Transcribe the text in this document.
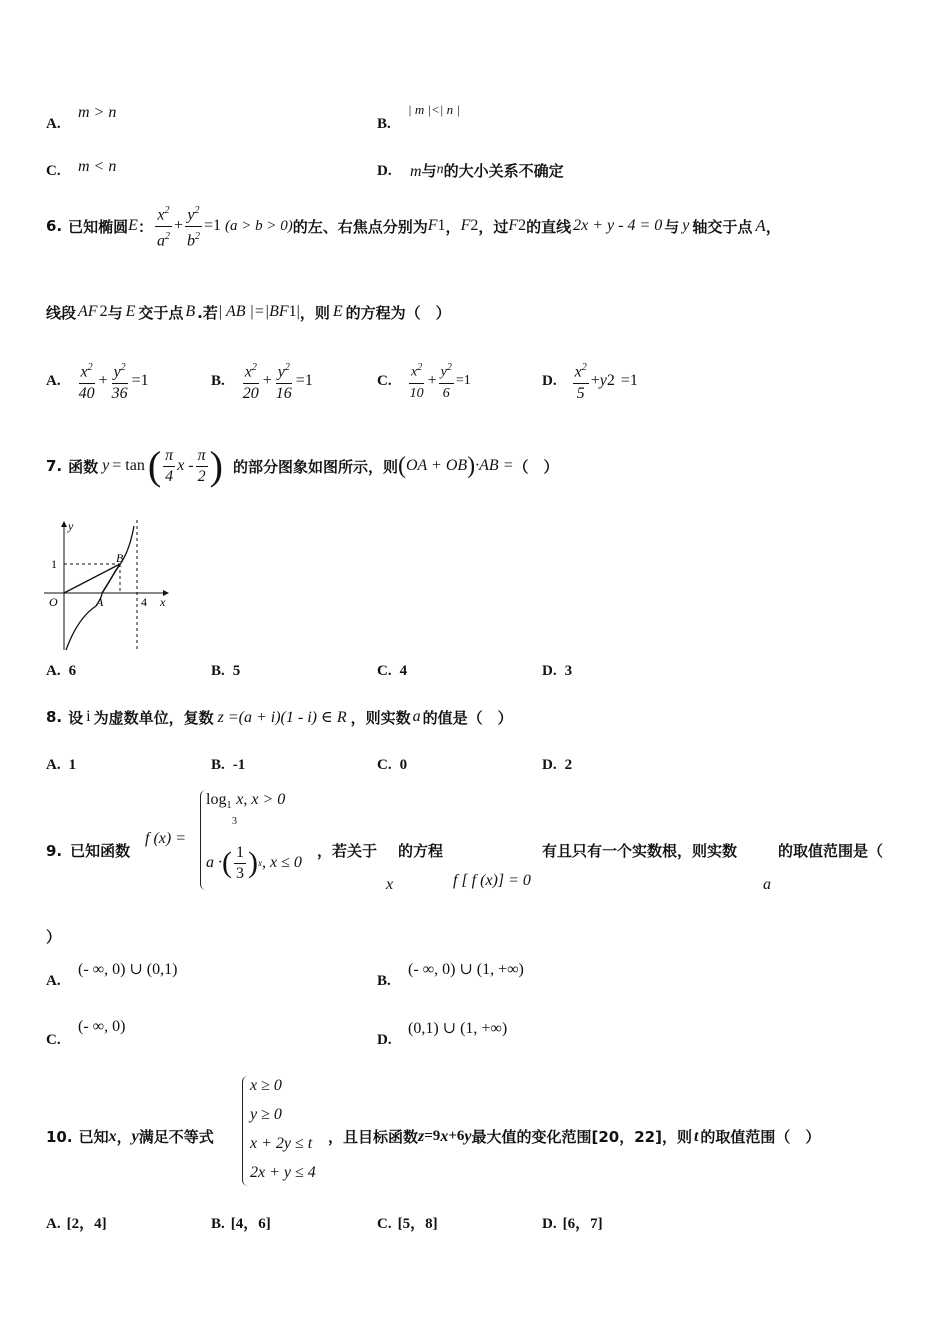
A.
m > n
B.
| m |<| n |
C. m < n	D. m与n的大小关系不确定
6. 已知椭圆 E ： $\frac{x^2}{a^2} + \frac{y^2}{b^2} =1$ (a > b > 0) 的左、右焦点分别为 F 1 ， F 2 ，过 F 2 的直线 2x + y - 4 = 0 与 y 轴交于点 A ，
线段 AF 2 与 E 交于点 B .若 | AB |=|BF 1 | ，则 E 的方程为（　）
A. $\frac{x^2}{40} + \frac{y^2}{36} =1$	B. $\frac{x^2}{20} + \frac{y^2}{16} =1$	C. $\frac{x^2}{10} + \frac{y^2}{6} =1$	D. $\frac{x^2}{5} + y$ 2 =1
7. 函数 y = tan ( $\frac{\pi}{4}$ x - $\frac{\pi}{2}$ ) 的部分图象如图所示，则 ( OA + OB ) ·AB = （　）
y
x
O	A
B
1
4
A. 6	B. 5	C. 4	D. 3
8. 设 i 为虚数单位，复数 z =(a + i)(1 - i) ∈ R ，则实数 a 的值是（　）
A. 1	B. -1	C. 0	D. 2
9. 已知函数
f (x) =
$\log_1 x$, x > 0
3
a · ( $\frac{1}{3}$ ) x , x ≤ 0
，若关于 的方程	有且只有一个实数根，则实数	的取值范围是（
x	f [ f (x)] = 0	a
）
A.
(- ∞, 0) ∪ (0,1)
B.
(- ∞, 0) ∪ (1, +∞)
C.
(- ∞, 0)
D.
(0,1) ∪ (1, +∞)
10. 已知 x ， y 满足不等式
x ≥ 0
y ≥ 0
x + 2y ≤ t
2x + y ≤ 4
，且目标函数 z =9 x +6 y 最大值的变化范围[20，22]，则 t 的取值范围（　）
A. [2，4]	B. [4，6]	C. [5，8]	D. [6，7]
